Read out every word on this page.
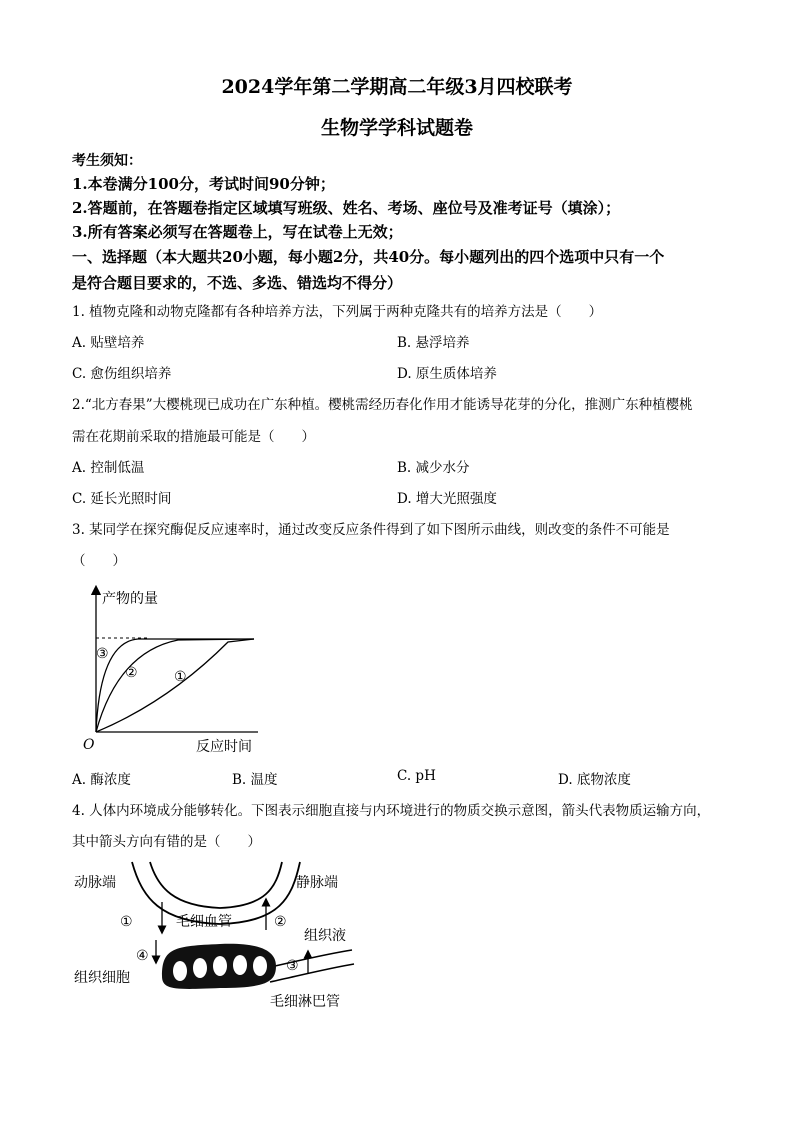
2024学年第二学期高二年级3月四校联考
生物学学科试题卷
考生须知：
1.本卷满分100分，考试时间90分钟；
2.答题前，在答题卷指定区域填写班级、姓名、考场、座位号及准考证号（填涂）；
3.所有答案必须写在答题卷上，写在试卷上无效；
一、选择题（本大题共20小题，每小题2分，共40分。每小题列出的四个选项中只有一个
是符合题目要求的，不选、多选、错选均不得分）
1. 植物克隆和动物克隆都有各种培养方法，下列属于两种克隆共有的培养方法是（　　）
A. 贴壁培养	B. 悬浮培养
C. 愈伤组织培养	D. 原生质体培养
2.“北方春果”大樱桃现已成功在广东种植。樱桃需经历春化作用才能诱导花芽的分化，推测广东种植樱桃
需在花期前采取的措施最可能是（　　）
A. 控制低温	B. 减少水分
C. 延长光照时间	D. 增大光照强度
3. 某同学在探究酶促反应速率时，通过改变反应条件得到了如下图所示曲线，则改变的条件不可能是
（　　）
产物的量
反应时间
O
③
②	①
A. 酶浓度	B. 温度	C. pH	D. 底物浓度
4. 人体内环境成分能够转化。下图表示细胞直接与内环境进行的物质交换示意图，箭头代表物质运输方向，
其中箭头方向有错的是（　　）
动脉端	静脉端
毛细血管
组织液
组织细胞
毛细淋巴管
①	②
③
④
